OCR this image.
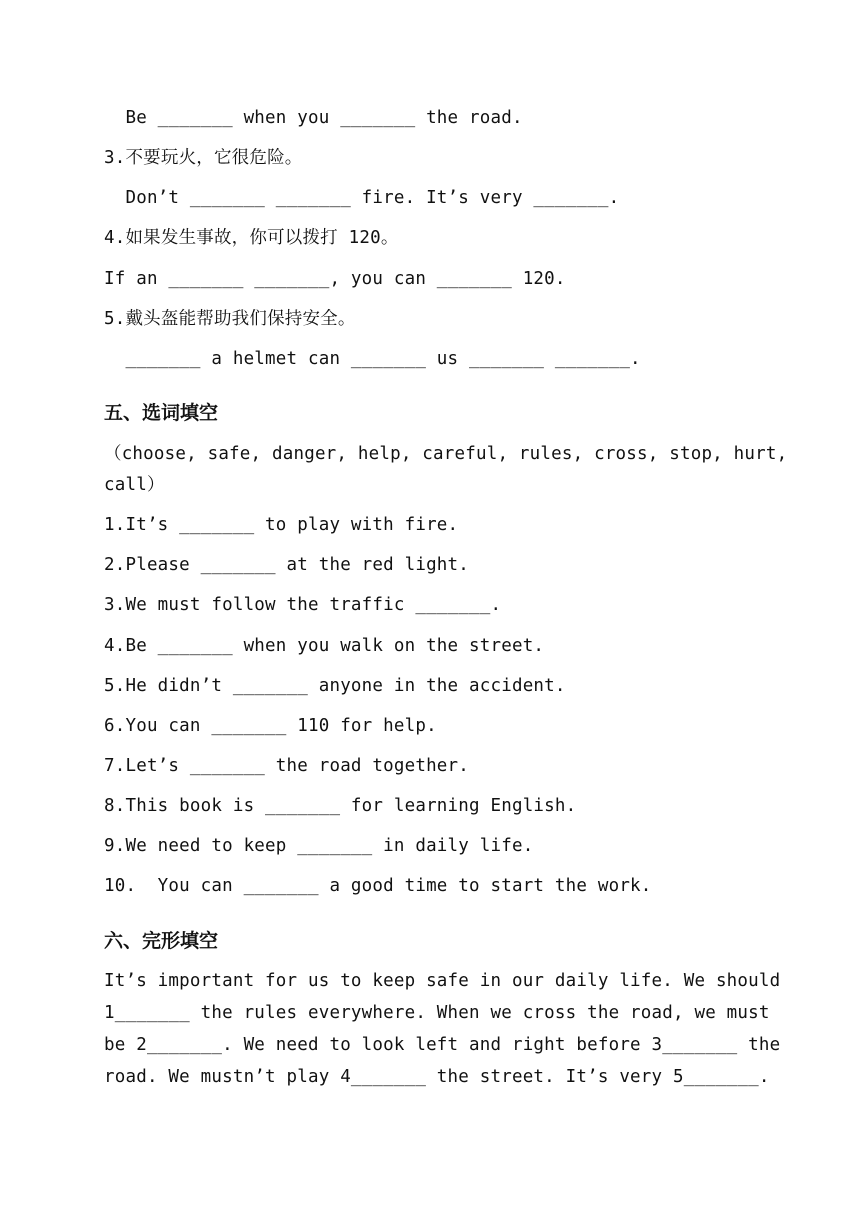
Be _______ when you _______ the road.
3.不要玩火，它很危险。
Don’t _______ _______ fire. It’s very _______.
4.如果发生事故，你可以拨打 120。
If an _______ _______, you can _______ 120.
5.戴头盔能帮助我们保持安全。
_______ a helmet can _______ us _______ _______.
五、选词填空
（choose, safe, danger, help, careful, rules, cross, stop, hurt,
call）
1.It’s _______ to play with fire.
2.Please _______ at the red light.
3.We must follow the traffic _______.
4.Be _______ when you walk on the street.
5.He didn’t _______ anyone in the accident.
6.You can _______ 110 for help.
7.Let’s _______ the road together.
8.This book is _______ for learning English.
9.We need to keep _______ in daily life.
10.  You can _______ a good time to start the work.
六、完形填空
It’s important for us to keep safe in our daily life. We should
1_______ the rules everywhere. When we cross the road, we must
be 2_______. We need to look left and right before 3_______ the
road. We mustn’t play 4_______ the street. It’s very 5_______.
